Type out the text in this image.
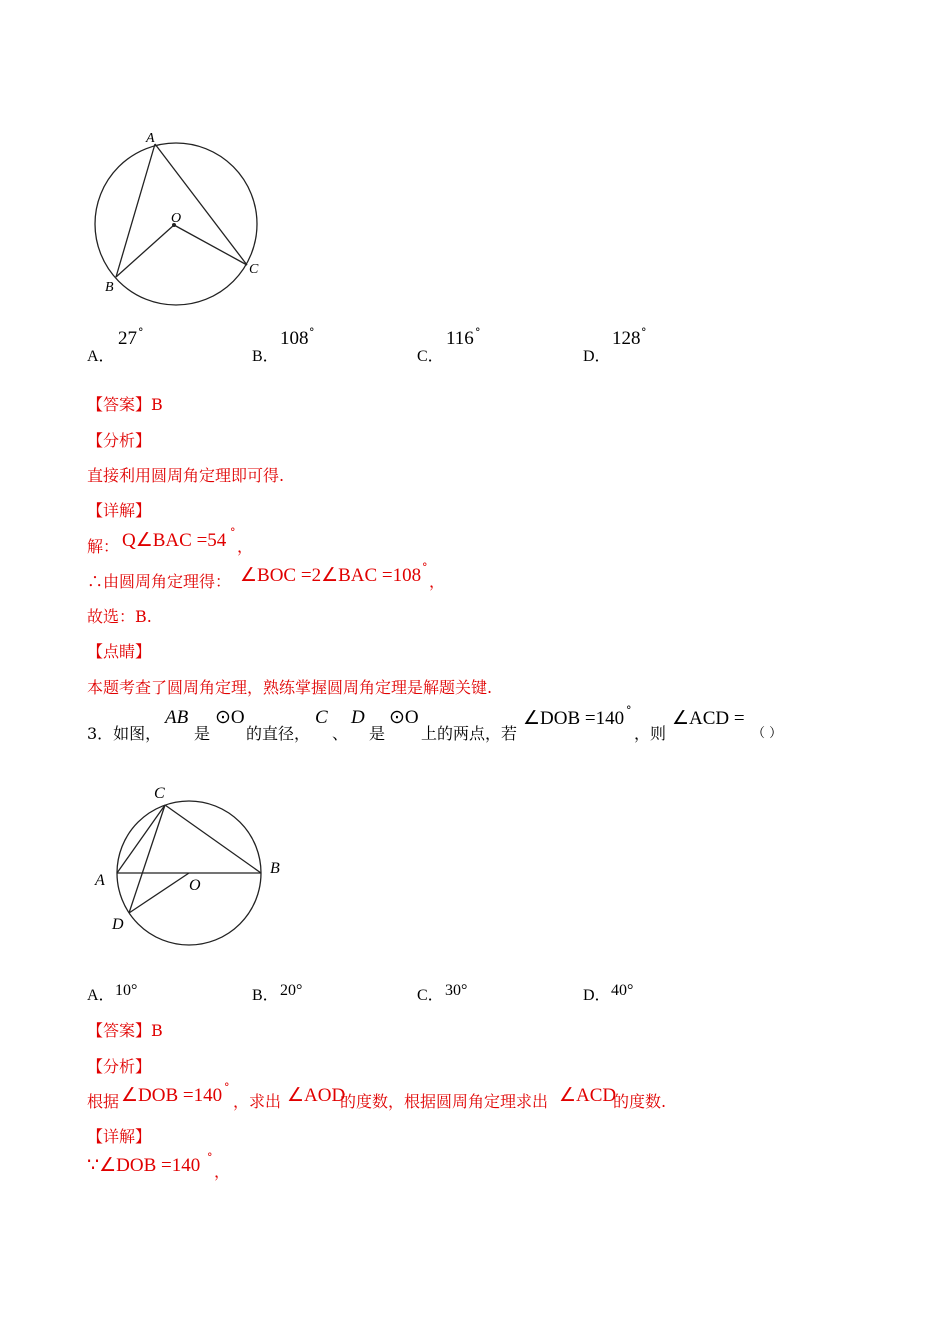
A
O
B
C
A．
27 °
B．
108 °
C．
116 °
D．
128 °
【答案】B
【分析】
直接利用圆周角定理即可得.
【详解】
解： Q∠BAC =54 °
，
∴由圆周角定理得： ∠BOC =2∠BAC =108 °
，
故选：B.
【点睛】
本题考查了圆周角定理，熟练掌握圆周角定理是解题关键.
3．如图，
AB
是
⊙O
的直径，
C
、
D
是
⊙O
上的两点，若
∠DOB =140 °
，则
∠ACD =
（ ）
C
A
B
O
D
A． 10°	B． 20°	C． 30°	D． 40°
【答案】B
【分析】
根据 ∠DOB =140 °
，求出 ∠AOD
的度数，根据圆周角定理求出 ∠ACD
的度数.
【详解】
∵∠DOB =140 °
，
